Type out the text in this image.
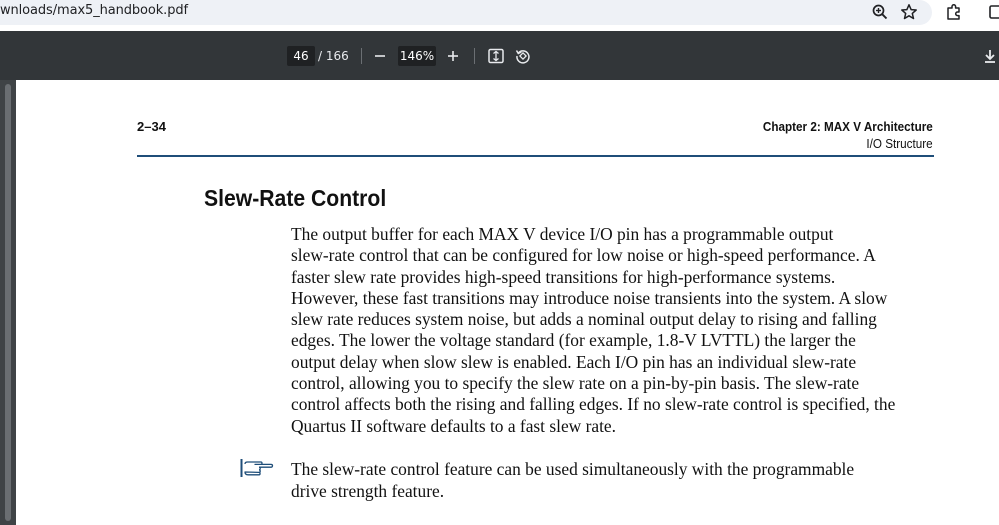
wnloads/max5_handbook.pdf
46 / 166	146%
2–34	Chapter 2: MAX V Architecture
I/O Structure
Slew-Rate Control
The output buffer for each MAX V device I/O pin has a programmable output
slew-rate control that can be configured for low noise or high-speed performance. A
faster slew rate provides high-speed transitions for high-performance systems.
However, these fast transitions may introduce noise transients into the system. A slow
slew rate reduces system noise, but adds a nominal output delay to rising and falling
edges. The lower the voltage standard (for example, 1.8-V LVTTL) the larger the
output delay when slow slew is enabled. Each I/O pin has an individual slew-rate
control, allowing you to specify the slew rate on a pin-by-pin basis. The slew-rate
control affects both the rising and falling edges. If no slew-rate control is specified, the
Quartus II software defaults to a fast slew rate.
The slew-rate control feature can be used simultaneously with the programmable
drive strength feature.
